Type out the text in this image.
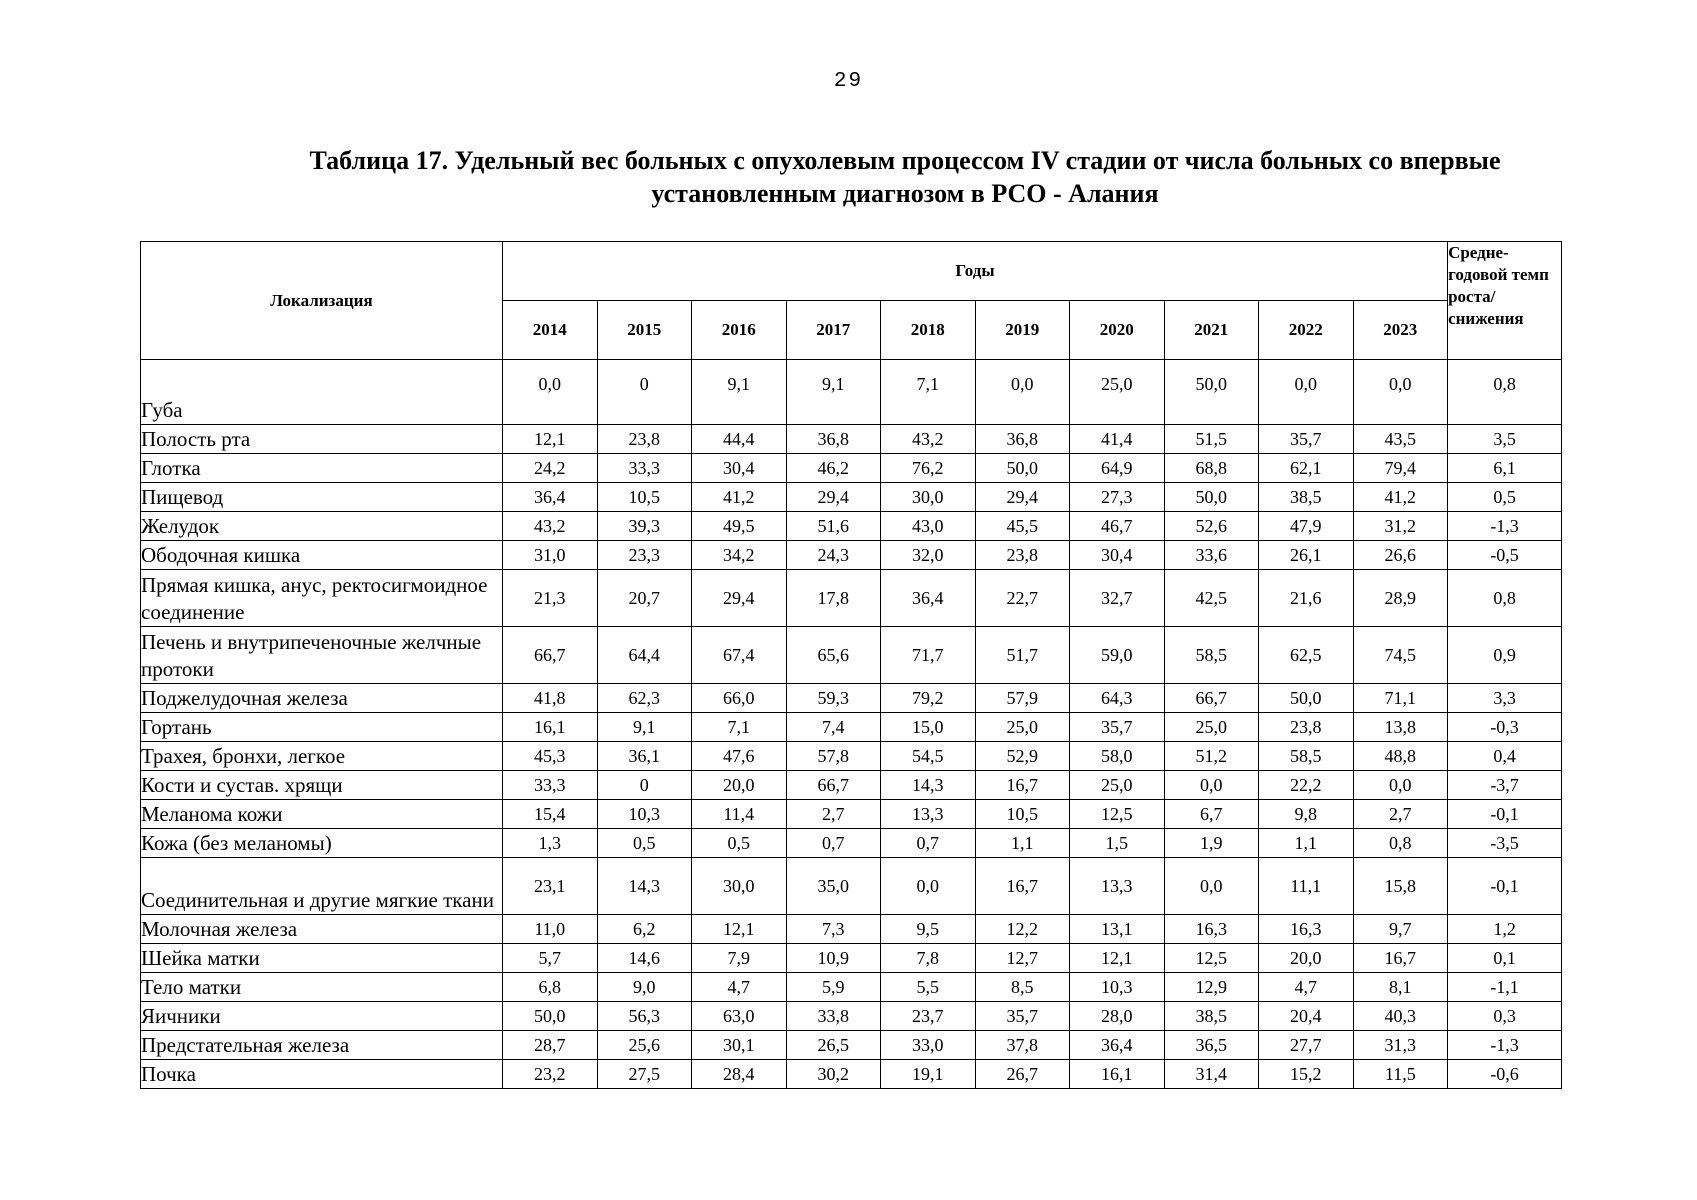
29
Таблица 17. Удельный вес больных с опухолевым процессом IV стадии от числа больных со впервые установленным диагнозом в РСО - Алания
Локализация	Годы										Средне-годовой темп роста/ снижения
	2014	2015	2016	2017	2018	2019	2020	2021	2022	2023	
Губа	0,0	0	9,1	9,1	7,1	0,0	25,0	50,0	0,0	0,0	0,8
Полость рта	12,1	23,8	44,4	36,8	43,2	36,8	41,4	51,5	35,7	43,5	3,5
Глотка	24,2	33,3	30,4	46,2	76,2	50,0	64,9	68,8	62,1	79,4	6,1
Пищевод	36,4	10,5	41,2	29,4	30,0	29,4	27,3	50,0	38,5	41,2	0,5
Желудок	43,2	39,3	49,5	51,6	43,0	45,5	46,7	52,6	47,9	31,2	-1,3
Ободочная кишка	31,0	23,3	34,2	24,3	32,0	23,8	30,4	33,6	26,1	26,6	-0,5
Прямая кишка, анус, ректосигмоидное соединение	21,3	20,7	29,4	17,8	36,4	22,7	32,7	42,5	21,6	28,9	0,8
Печень и внутрипеченочные желчные протоки	66,7	64,4	67,4	65,6	71,7	51,7	59,0	58,5	62,5	74,5	0,9
Поджелудочная железа	41,8	62,3	66,0	59,3	79,2	57,9	64,3	66,7	50,0	71,1	3,3
Гортань	16,1	9,1	7,1	7,4	15,0	25,0	35,7	25,0	23,8	13,8	-0,3
Трахея, бронхи, легкое	45,3	36,1	47,6	57,8	54,5	52,9	58,0	51,2	58,5	48,8	0,4
Кости и сустав. хрящи	33,3	0	20,0	66,7	14,3	16,7	25,0	0,0	22,2	0,0	-3,7
Меланома кожи	15,4	10,3	11,4	2,7	13,3	10,5	12,5	6,7	9,8	2,7	-0,1
Кожа (без меланомы)	1,3	0,5	0,5	0,7	0,7	1,1	1,5	1,9	1,1	0,8	-3,5
Соединительная и другие мягкие ткани	23,1	14,3	30,0	35,0	0,0	16,7	13,3	0,0	11,1	15,8	-0,1
Молочная железа	11,0	6,2	12,1	7,3	9,5	12,2	13,1	16,3	16,3	9,7	1,2
Шейка матки	5,7	14,6	7,9	10,9	7,8	12,7	12,1	12,5	20,0	16,7	0,1
Тело матки	6,8	9,0	4,7	5,9	5,5	8,5	10,3	12,9	4,7	8,1	-1,1
Яичники	50,0	56,3	63,0	33,8	23,7	35,7	28,0	38,5	20,4	40,3	0,3
Предстательная железа	28,7	25,6	30,1	26,5	33,0	37,8	36,4	36,5	27,7	31,3	-1,3
Почка	23,2	27,5	28,4	30,2	19,1	26,7	16,1	31,4	15,2	11,5	-0,6
